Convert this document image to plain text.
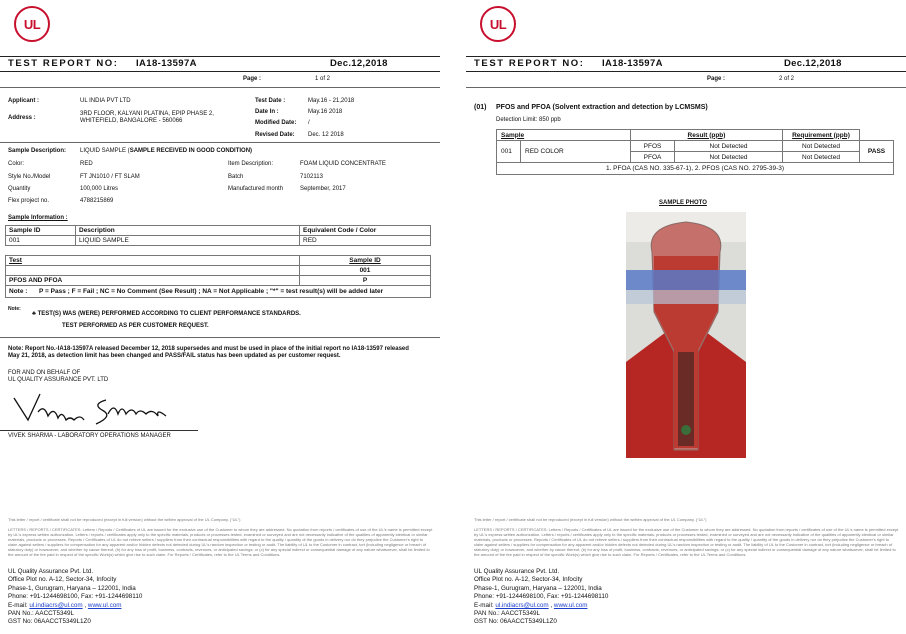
UL
TEST REPORT NO: IA18-13597A	Dec.12,2018
Page :	1 of 2
Applicant :	UL INDIA PVT LTD
Address :
3RD FLOOR, KALYANI PLATINA, EPIP PHASE 2,
WHITEFIELD, BANGALORE - 560066
Test Date :	May.16 - 21,2018
Date In :	May.16 2018
Modified Date: /
Revised Date: Dec. 12 2018
Sample Description: LIQUID SAMPLE (SAMPLE RECEIVED IN GOOD CONDITION)
Color:	RED	Item Description:	FOAM LIQUID CONCENTRATE
Style No./Model	FT JN1010 / FT SLAM	Batch	7102113
Quantity	100,000 Litres	Manufactured month	September, 2017
Flex project no.	4788215869
Sample Information :
Sample ID	Description	Equivalent Code / Color
001	LIQUID SAMPLE	RED
Test	Sample ID
	001
PFOS AND PFOA	P
Note : P = Pass ; F = Fail ; NC = No Comment (See Result) ; NA = Not Applicable ; "*" = test result(s) will be added later	
Note:
♣ TEST(S) WAS (WERE) PERFORMED ACCORDING TO CLIENT PERFORMANCE STANDARDS.
TEST PERFORMED AS PER CUSTOMER REQUEST.
Note: Report No.-IA18-13597A released December 12, 2018 supersedes and must be used in place of the initial report no IA18-13597 released
May 21, 2018, as detection limit has been changed and PASS/FAIL status has been updated as per customer request.
FOR AND ON BEHALF OF
UL QUALITY ASSURANCE PVT. LTD
VIVEK SHARMA - LABORATORY OPERATIONS MANAGER
This letter / report / certificate shall not be reproduced (except in full version) without the written approval of the UL Company. ("UL")
LETTERS / REPORTS / CERTIFICATES: Letters / Reports / Certificates of UL are issued for the exclusive use of the Customer to whom they are addressed. No quotation from reports / certificates of use of the UL's name is permitted except by UL's express written authorization. Letters / reports / certificates apply only to the specific materials, products or processes tested, examined or surveyed and are not necessarily indicative of the qualities of apparently identical or similar materials, products or processes. Reports / Certificates of UL do not relieve sellers / suppliers from their contractual responsibilities with regard to the quality / quantity of the goods in delivery nor do they prejudice the Customer's right to claim against sellers / suppliers for compensation for any apparent and/or hidden defects not detected during UL's random inspection or testing or audit. The liability of UL to the Customer in contract, tort (including negligence or breach of statutory duty) or howsoever, and whether by cause thereof, (b) for any loss of profit, business, contracts, revenues, or anticipated savings; or (c) for any special indirect or consequential damage of any nature whatsoever, shall be limited to the amount of the fee paid in respect of the specific Work(s) which give rise to such claim. For Reports / Certificates, refer to the UL Terms and Conditions.
UL Quality Assurance Pvt. Ltd.
Office Plot no. A-12, Sector-34, Infocity
Phase-1, Gurugram, Haryana – 122001, India
Phone: +91-1244698100, Fax: +91-1244698110
E-mail: ul.indiacrs@ul.com , www.ul.com
PAN No.: AACCT5349L
GST No: 06AACCT5349L1Z0
UL
TEST REPORT NO: IA18-13597A	Dec.12,2018
Page :	2 of 2
(01) PFOS and PFOA (Solvent extraction and detection by LCMSMS)
Detection Limit: 850 ppb
Sample		Result (ppb)		Requirement (ppb)	
001	RED COLOR	PFOS	Not Detected	Not Detected	PASS
		PFOA	Not Detected	Not Detected	
1. PFOA (CAS NO. 335-67-1), 2. PFOS (CAS NO. 2795-39-3)					
SAMPLE PHOTO
This letter / report / certificate shall not be reproduced (except in full version) without the written approval of the UL Company. ("UL")
LETTERS / REPORTS / CERTIFICATES: Letters / Reports / Certificates of UL are issued for the exclusive use of the Customer to whom they are addressed. No quotation from reports / certificates of use of the UL's name is permitted except by UL's express written authorization. Letters / reports / certificates apply only to the specific materials, products or processes tested, examined or surveyed and are not necessarily indicative of the qualities of apparently identical or similar materials, products or processes. Reports / Certificates of UL do not relieve sellers / suppliers from their contractual responsibilities with regard to the quality / quantity of the goods in delivery nor do they prejudice the Customer's right to claim against sellers / suppliers for compensation for any apparent and/or hidden defects not detected during UL's random inspection or testing or audit. The liability of UL to the Customer in contract, tort (including negligence or breach of statutory duty) or howsoever, and whether by cause thereof, (b) for any loss of profit, business, contracts, revenues, or anticipated savings; or (c) for any special indirect or consequential damage of any nature whatsoever, shall be limited to the amount of the fee paid in respect of the specific Work(s) which give rise to such claim. For Reports / Certificates, refer to the UL Terms and Conditions.
UL Quality Assurance Pvt. Ltd.
Office Plot no. A-12, Sector-34, Infocity
Phase-1, Gurugram, Haryana – 122001, India
Phone: +91-1244698100, Fax: +91-1244698110
E-mail: ul.indiacrs@ul.com , www.ul.com
PAN No.: AACCT5349L
GST No: 06AACCT5349L1Z0
